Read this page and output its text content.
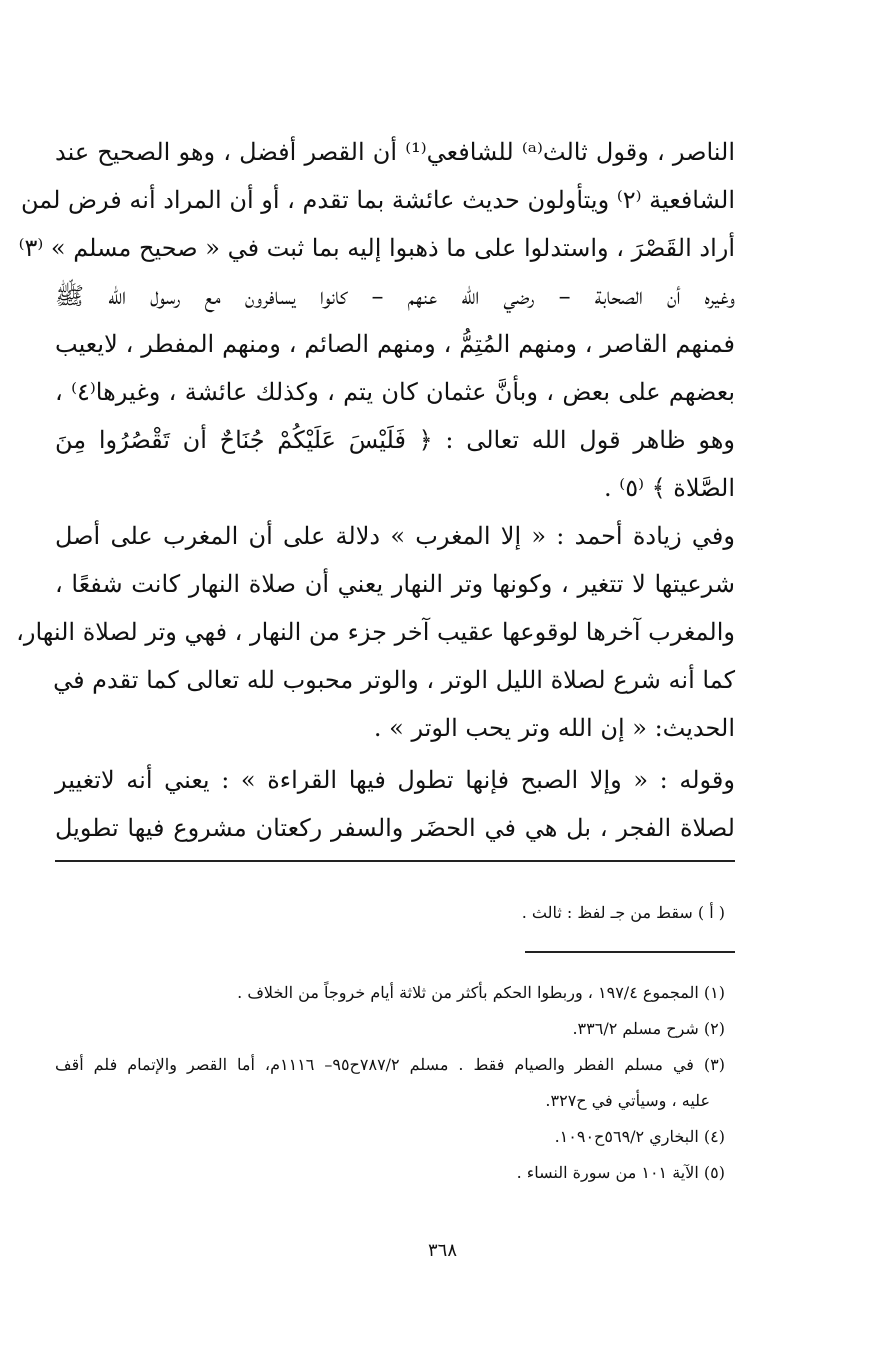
الناصر ، وقول ثالث⁽ᵃ⁾ للشافعي⁽¹⁾ أن القصر أفضل ، وهو الصحيح عند
الشافعية ⁽٢⁾ ويتأولون حديث عائشة بما تقدم ، أو أن المراد أنه فرض لمن
أراد القَصْرَ ، واستدلوا على ما ذهبوا إليه بما ثبت في « صحيح مسلم » ⁽٣⁾
وغيره أن الصحابة – رضي الله عنهم – كانوا يسافرون مع رسول الله ﷺ
فمنهم القاصر ، ومنهم المُتِمُّ ، ومنهم الصائم ، ومنهم المفطر ، لايعيب
بعضهم على بعض ، وبأنَّ عثمان كان يتم ، وكذلك عائشة ، وغيرها⁽٤⁾ ،
وهو ظاهر قول الله تعالى : ﴿ فَلَيْسَ عَلَيْكُمْ جُنَاحٌ أن تَقْصُرُوا مِنَ
الصَّلاة ﴾ ⁽٥⁾ .
وفي زيادة أحمد : « إلا المغرب » دلالة على أن المغرب على أصل
شرعيتها لا تتغير ، وكونها وتر النهار يعني أن صلاة النهار كانت شفعًا ،
والمغرب آخرها لوقوعها عقيب آخر جزء من النهار ، فهي وتر لصلاة النهار،
كما أنه شرع لصلاة الليل الوتر ، والوتر محبوب لله تعالى كما تقدم في
الحديث: « إن الله وتر يحب الوتر » .
وقوله : « وإلا الصبح فإنها تطول فيها القراءة » : يعني أنه لاتغيير
لصلاة الفجر ، بل هي في الحضَر والسفر ركعتان مشروع فيها تطويل
( أ ) سقط من جـ لفظ : ثالث .
(١) المجموع ١٩٧/٤ ، وربطوا الحكم بأكثر من ثلاثة أيام خروجاً من الخلاف .
(٢) شرح مسلم ٣٣٦/٢.
(٣) في مسلم الفطر والصيام فقط . مسلم ٧٨٧/٢ح٩٥– ١١١٦م، أما القصر والإتمام فلم أقف
عليه ، وسيأتي في ح٣٢٧.
(٤) البخاري ٥٦٩/٢ح١٠٩٠.
(٥) الآية ١٠١ من سورة النساء .
٣٦٨
